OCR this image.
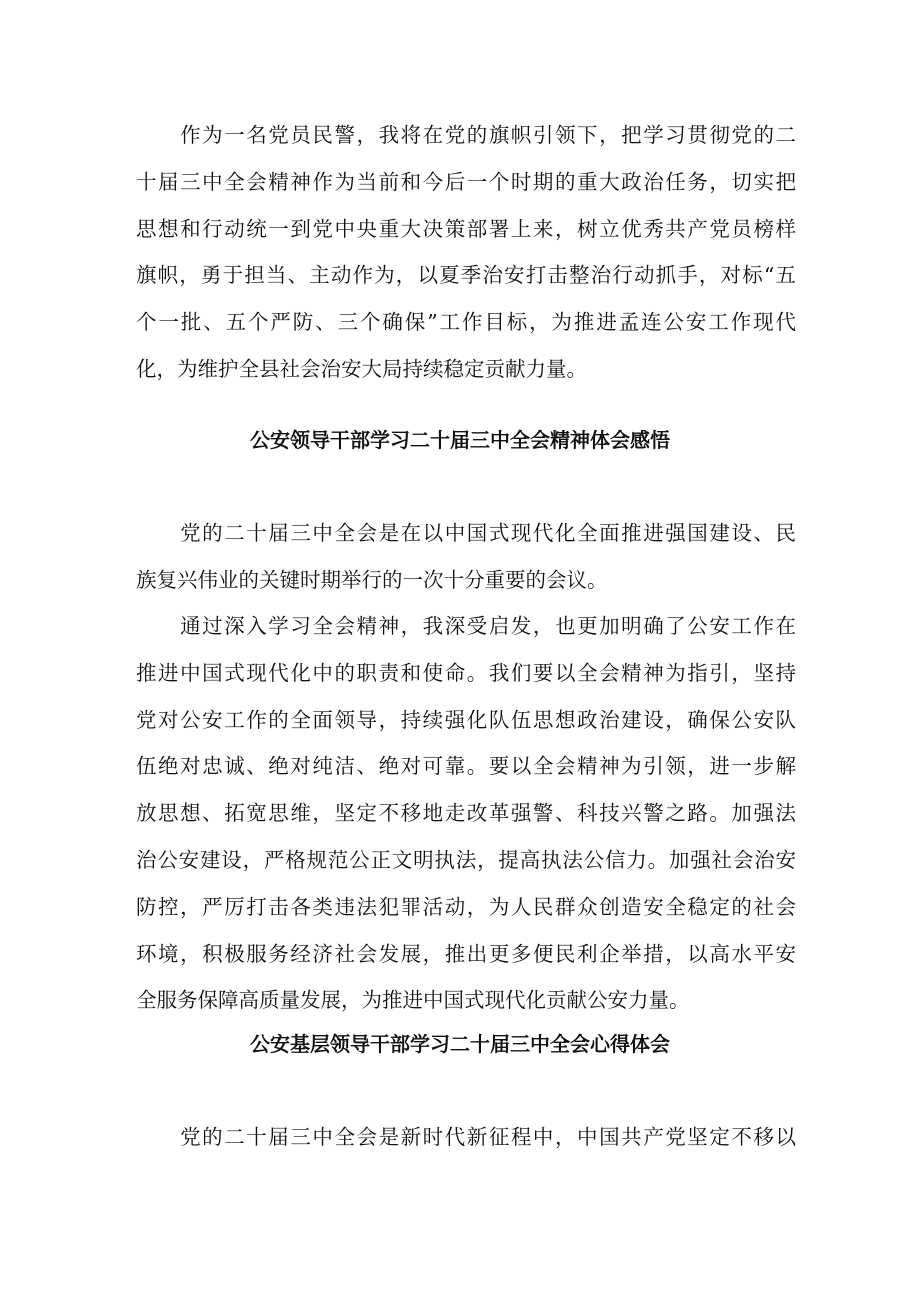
　　作为一名党员民警，我将在党的旗帜引领下，把学习贯彻党的二
十届三中全会精神作为当前和今后一个时期的重大政治任务，切实把
思想和行动统一到党中央重大决策部署上来，树立优秀共产党员榜样
旗帜，勇于担当、主动作为，以夏季治安打击整治行动抓手，对标“五
个一批、五个严防、三个确保”工作目标，为推进孟连公安工作现代
化，为维护全县社会治安大局持续稳定贡献力量。

公安领导干部学习二十届三中全会精神体会感悟

　　党的二十届三中全会是在以中国式现代化全面推进强国建设、民
族复兴伟业的关键时期举行的一次十分重要的会议。

　　通过深入学习全会精神，我深受启发，也更加明确了公安工作在
推进中国式现代化中的职责和使命。我们要以全会精神为指引，坚持
党对公安工作的全面领导，持续强化队伍思想政治建设，确保公安队
伍绝对忠诚、绝对纯洁、绝对可靠。要以全会精神为引领，进一步解
放思想、拓宽思维，坚定不移地走改革强警、科技兴警之路。加强法
治公安建设，严格规范公正文明执法，提高执法公信力。加强社会治安
防控，严厉打击各类违法犯罪活动，为人民群众创造安全稳定的社会
环境，积极服务经济社会发展，推出更多便民利企举措，以高水平安
全服务保障高质量发展，为推进中国式现代化贡献公安力量。

公安基层领导干部学习二十届三中全会心得体会

　　党的二十届三中全会是新时代新征程中，中国共产党坚定不移以
